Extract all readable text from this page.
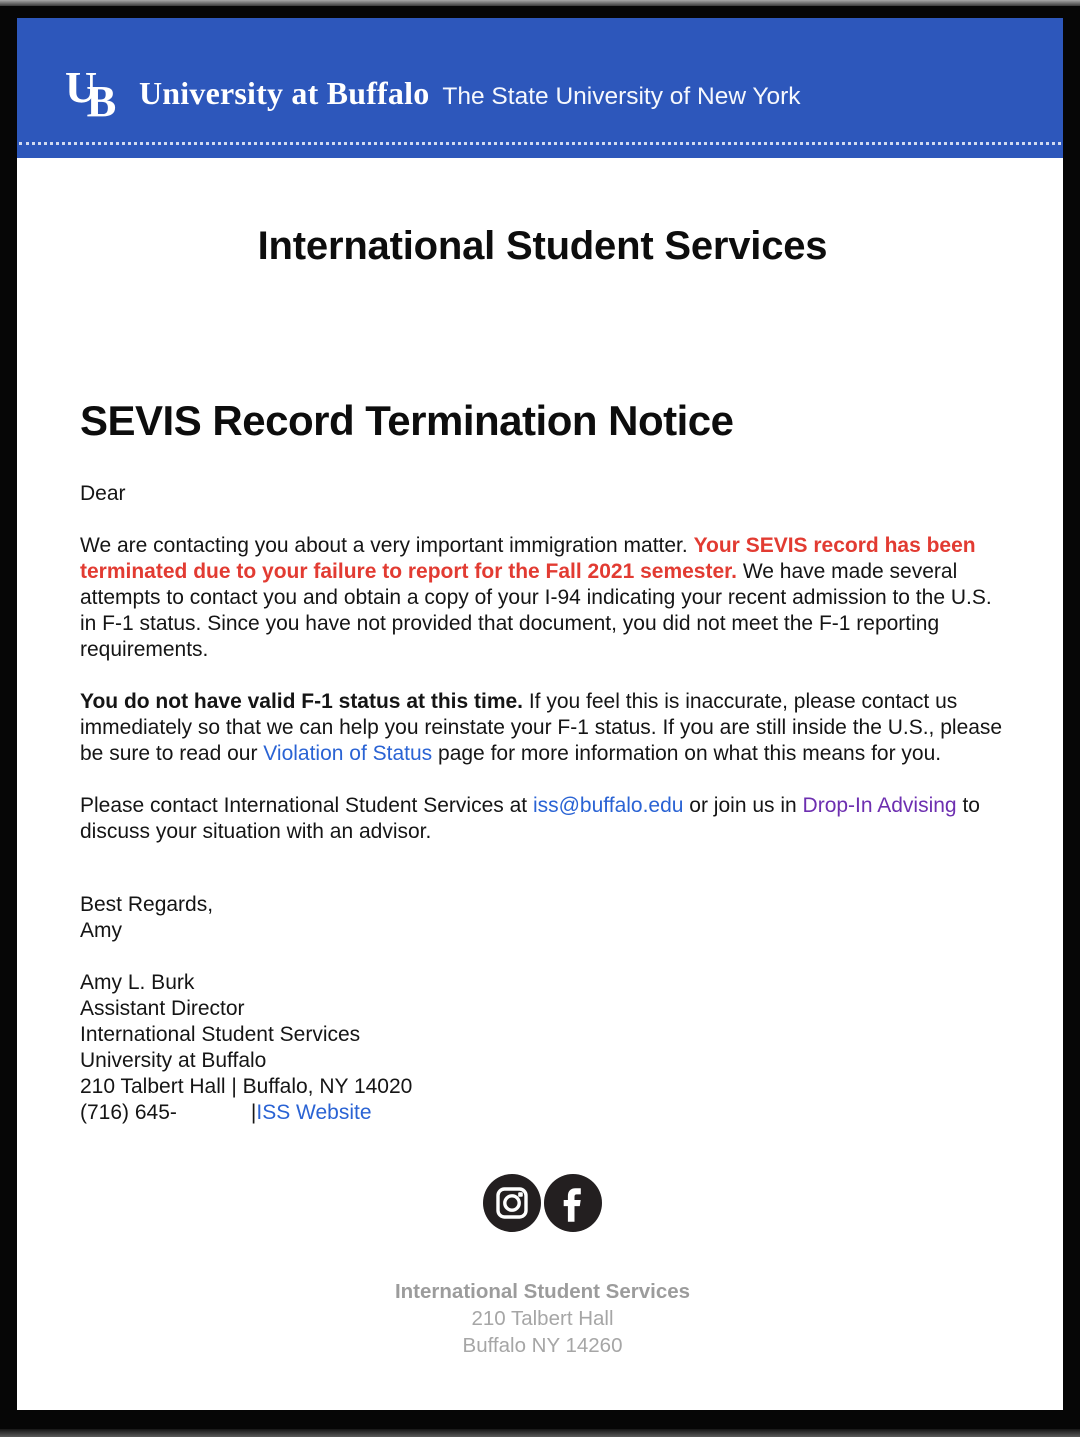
U
B University at Buffalo The State University of New York
International Student Services
SEVIS Record Termination Notice

Dear

We are contacting you about a very important immigration matter. Your SEVIS record has been terminated due to your failure to report for the Fall 2021 semester. We have made several attempts to contact you and obtain a copy of your I-94 indicating your recent admission to the U.S. in F-1 status. Since you have not provided that document, you did not meet the F-1 reporting requirements.

You do not have valid F-1 status at this time. If you feel this is inaccurate, please contact us immediately so that we can help you reinstate your F-1 status. If you are still inside the U.S., please be sure to read our Violation of Status page for more information on what this means for you.

Please contact International Student Services at iss@buffalo.edu or join us in Drop-In Advising to discuss your situation with an advisor.

Best Regards,
Amy

Amy L. Burk
Assistant Director
International Student Services
University at Buffalo
210 Talbert Hall | Buffalo, NY 14020
(716) 645-	|ISS Website

International Student Services
210 Talbert Hall
Buffalo NY 14260
